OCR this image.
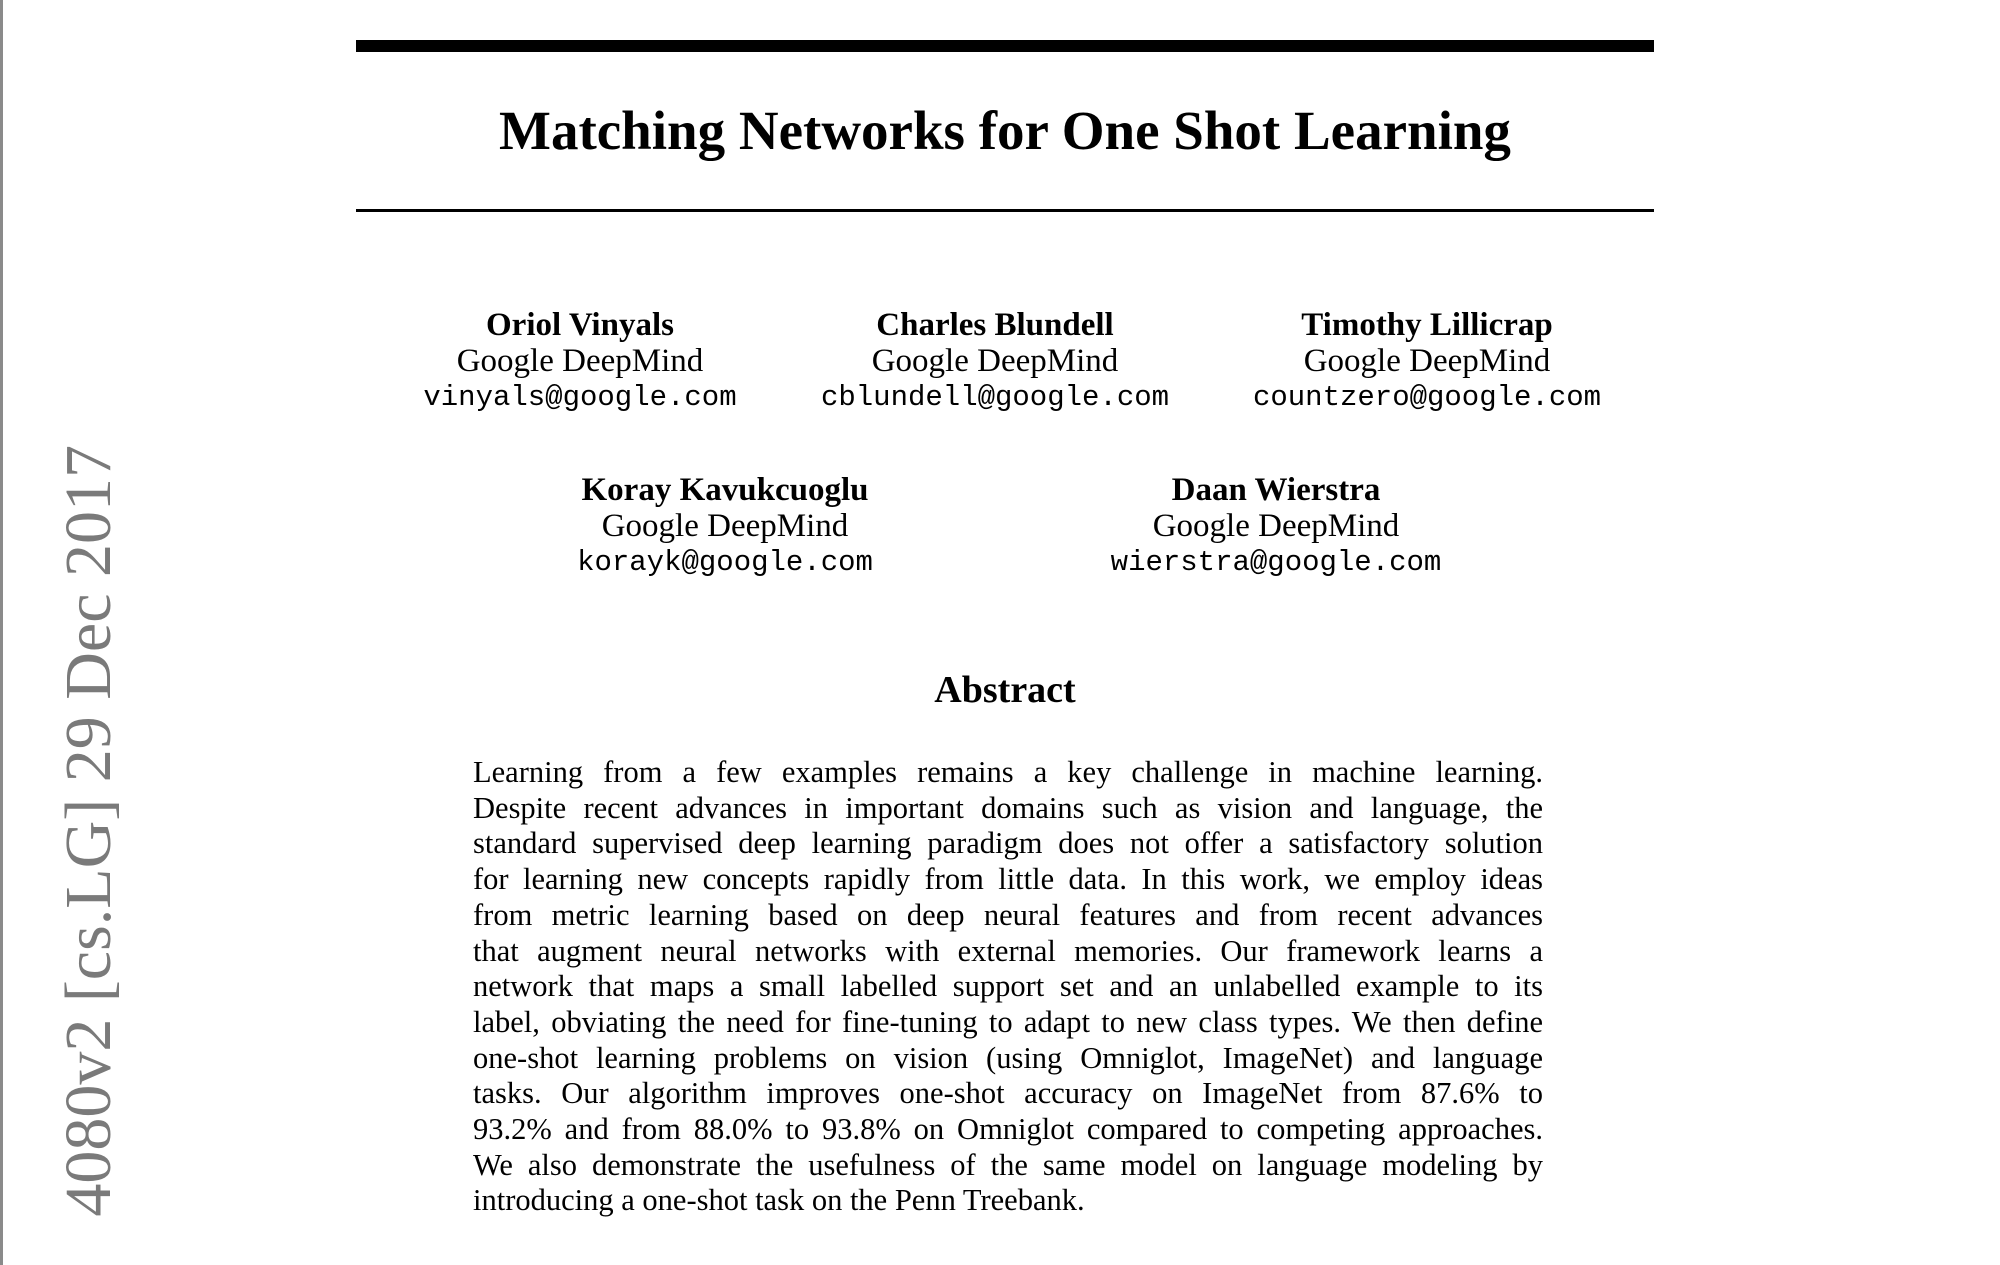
Matching Networks for One Shot Learning
Oriol Vinyals
Google DeepMind
vinyals@google.com
Charles Blundell
Google DeepMind
cblundell@google.com
Timothy Lillicrap
Google DeepMind
countzero@google.com
Koray Kavukcuoglu
Google DeepMind
korayk@google.com
Daan Wierstra
Google DeepMind
wierstra@google.com
Abstract
Learning from a few examples remains a key challenge in machine learning.
Despite recent advances in important domains such as vision and language, the
standard supervised deep learning paradigm does not offer a satisfactory solution
for learning new concepts rapidly from little data. In this work, we employ ideas
from metric learning based on deep neural features and from recent advances
that augment neural networks with external memories. Our framework learns a
network that maps a small labelled support set and an unlabelled example to its
label, obviating the need for fine-tuning to adapt to new class types. We then define
one-shot learning problems on vision (using Omniglot, ImageNet) and language
tasks. Our algorithm improves one-shot accuracy on ImageNet from 87.6% to
93.2% and from 88.0% to 93.8% on Omniglot compared to competing approaches.
We also demonstrate the usefulness of the same model on language modeling by
introducing a one-shot task on the Penn Treebank.
4080v2 [cs.LG] 29 Dec 2017
